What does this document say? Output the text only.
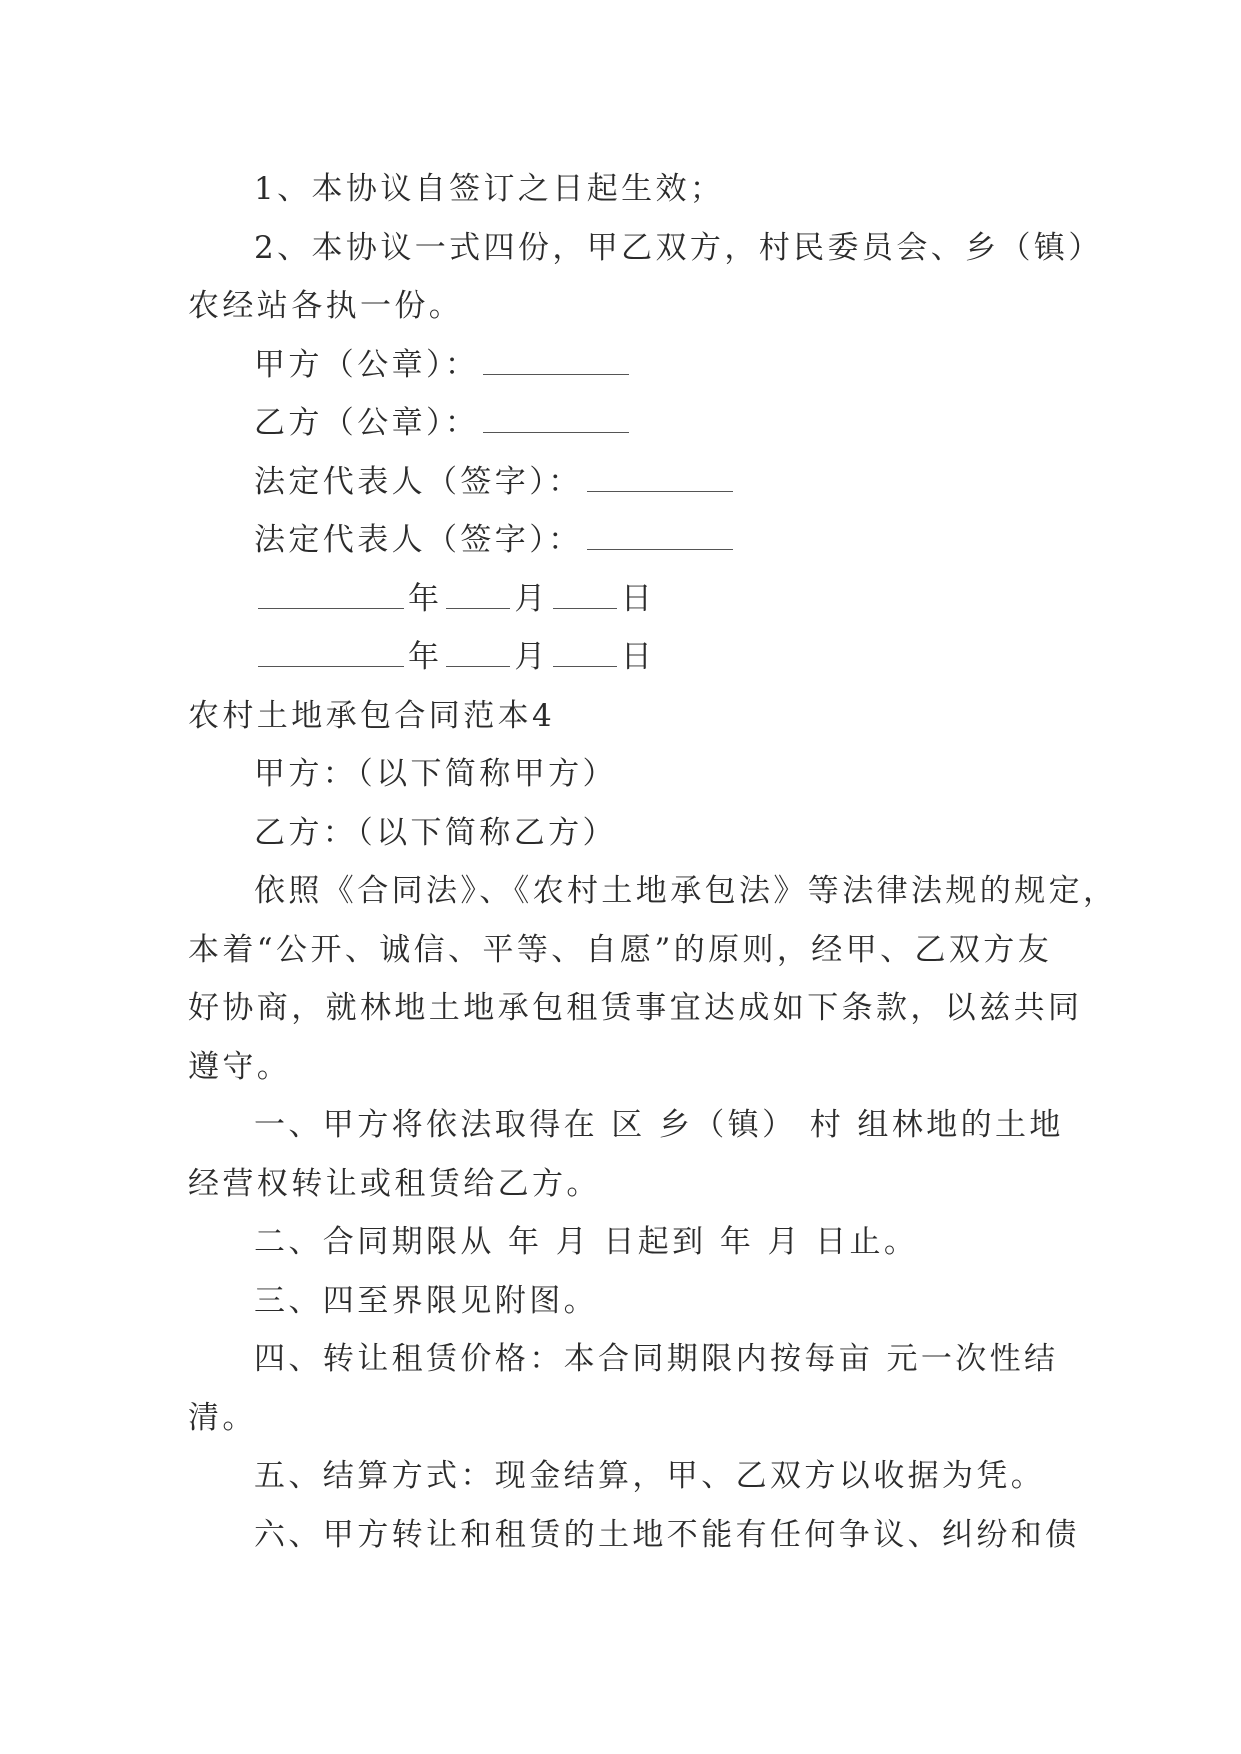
1、本协议自签订之日起生效；
2、本协议一式四份，甲乙双方，村民委员会、乡（镇）
农经站各执一份。
甲方（公章）：
乙方（公章）：
法定代表人（签字）：
法定代表人（签字）：
年 月 日
年 月 日
农村土地承包合同范本4
甲方：（以下简称甲方）
乙方：（以下简称乙方）
依照《合同法》、《农村土地承包法》等法律法规的规定，
本着“公开、诚信、平等、自愿”的原则，经甲、乙双方友
好协商，就林地土地承包租赁事宜达成如下条款，以兹共同
遵守。
一、甲方将依法取得在 区 乡（镇） 村 组林地的土地
经营权转让或租赁给乙方。
二、合同期限从 年 月 日起到 年 月 日止。
三、四至界限见附图。
四、转让租赁价格：本合同期限内按每亩 元一次性结
清。
五、结算方式：现金结算，甲、乙双方以收据为凭。
六、甲方转让和租赁的土地不能有任何争议、纠纷和债
